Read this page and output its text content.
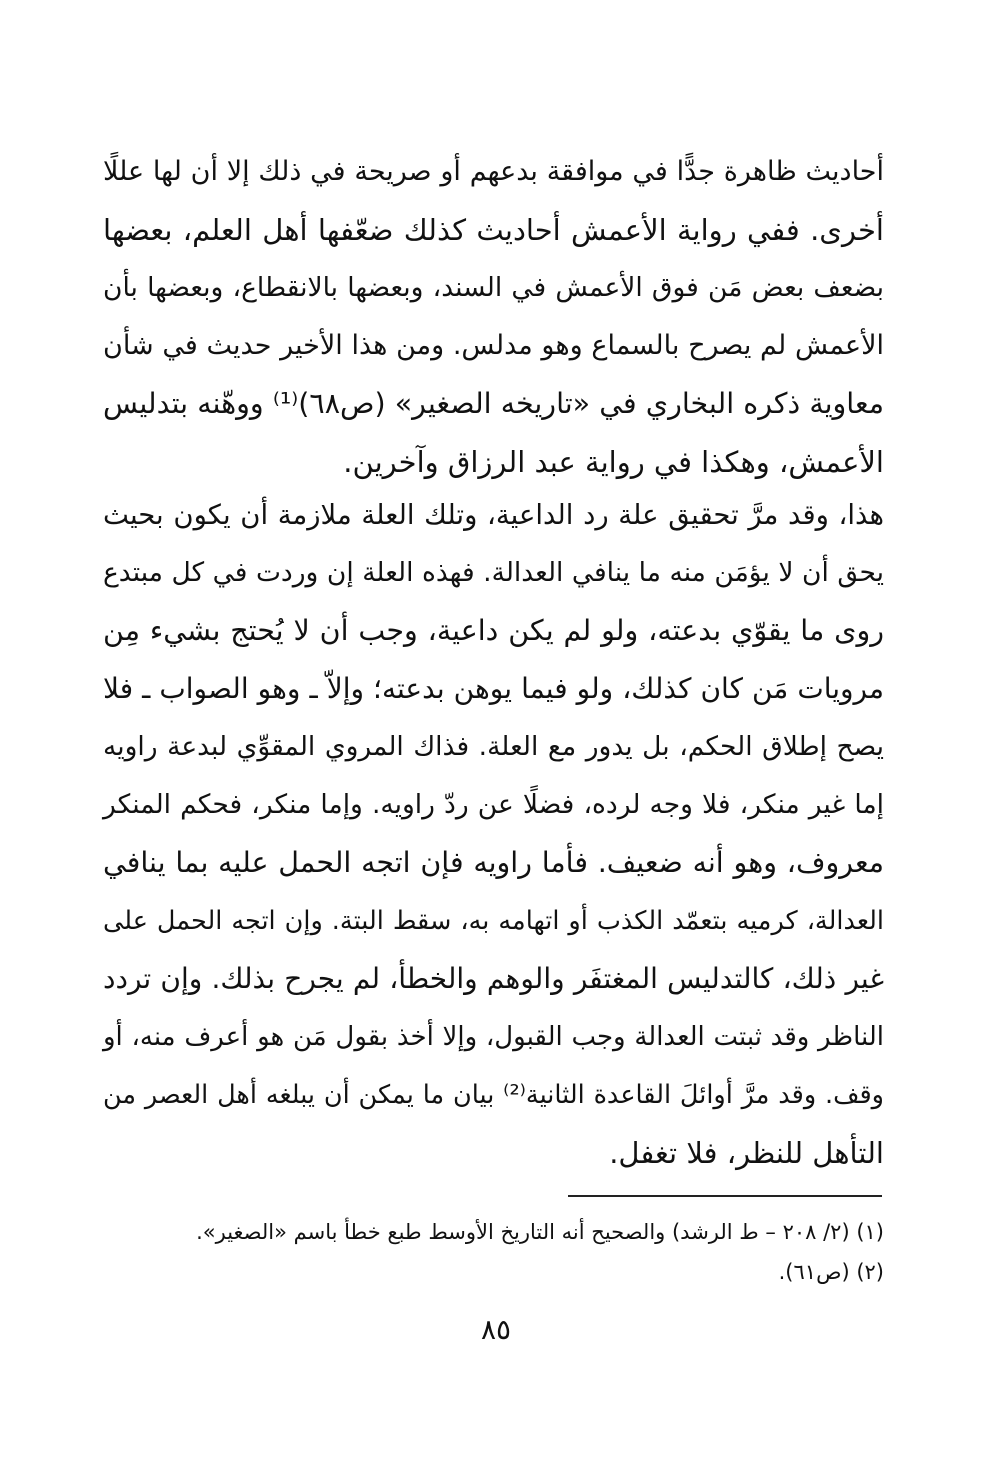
أحاديث ظاهرة جدًّا في موافقة بدعهم أو صريحة في ذلك إلا أن لها عللًا
أخرى. ففي رواية الأعمش أحاديث كذلك ضعّفها أهل العلم، بعضها
بضعف بعض مَن فوق الأعمش في السند، وبعضها بالانقطاع، وبعضها بأن
الأعمش لم يصرح بالسماع وهو مدلس. ومن هذا الأخير حديث في شأن
معاوية ذكره البخاري في «تاريخه الصغير» (ص٦٨)⁽¹⁾ ووهّنه بتدليس
الأعمش، وهكذا في رواية عبد الرزاق وآخرين.
هذا، وقد مرَّ تحقيق علة رد الداعية، وتلك العلة ملازمة أن يكون بحيث
يحق أن لا يؤمَن منه ما ينافي العدالة. فهذه العلة إن وردت في كل مبتدع
روى ما يقوّي بدعته، ولو لم يكن داعية، وجب أن لا يُحتج بشيء مِن
مرويات مَن كان كذلك، ولو فيما يوهن بدعته؛ وإلاّ ـ وهو الصواب ـ فلا
يصح إطلاق الحكم، بل يدور مع العلة. فذاك المروي المقوِّي لبدعة راويه
إما غير منكر، فلا وجه لرده، فضلًا عن ردّ راويه. وإما منكر، فحكم المنكر
معروف، وهو أنه ضعيف. فأما راويه فإن اتجه الحمل عليه بما ينافي
العدالة، كرميه بتعمّد الكذب أو اتهامه به، سقط البتة. وإن اتجه الحمل على
غير ذلك، كالتدليس المغتفَر والوهم والخطأ، لم يجرح بذلك. وإن تردد
الناظر وقد ثبتت العدالة وجب القبول، وإلا أخذ بقول مَن هو أعرف منه، أو
وقف. وقد مرَّ أوائلَ القاعدة الثانية⁽²⁾ بيان ما يمكن أن يبلغه أهل العصر من
التأهل للنظر، فلا تغفل.
(١) (٢/ ٢٠٨ – ط الرشد) والصحيح أنه التاريخ الأوسط طبع خطأ باسم «الصغير».
(٢) (ص٦١).
٨٥
